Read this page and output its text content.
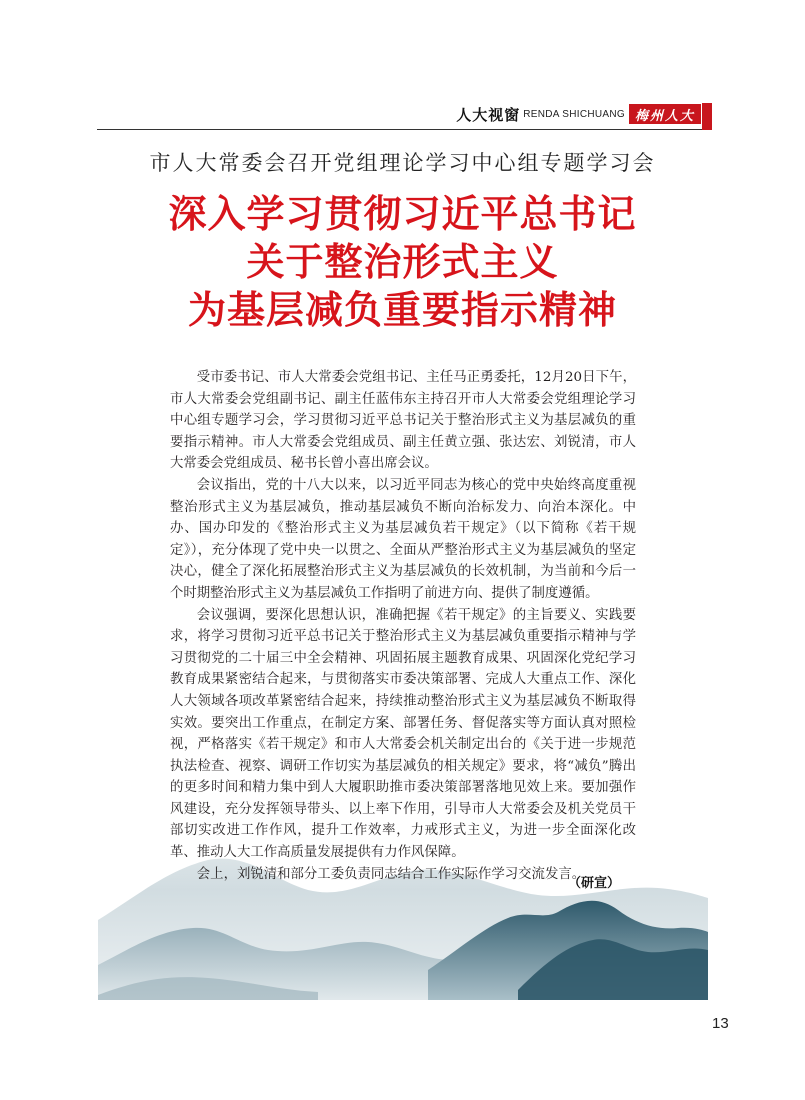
人大视窗 RENDA SHICHUANG 梅州人大
市人大常委会召开党组理论学习中心组专题学习会
深入学习贯彻习近平总书记
关于整治形式主义
为基层减负重要指示精神

受市委书记、市人大常委会党组书记、主任马正勇委托，12月20日下午，市人大常委会党组副书记、副主任蓝伟东主持召开市人大常委会党组理论学习中心组专题学习会，学习贯彻习近平总书记关于整治形式主义为基层减负的重要指示精神。市人大常委会党组成员、副主任黄立强、张达宏、刘锐清，市人大常委会党组成员、秘书长曾小喜出席会议。

会议指出，党的十八大以来，以习近平同志为核心的党中央始终高度重视整治形式主义为基层减负，推动基层减负不断向治标发力、向治本深化。中办、国办印发的《整治形式主义为基层减负若干规定》（以下简称《若干规定》），充分体现了党中央一以贯之、全面从严整治形式主义为基层减负的坚定决心，健全了深化拓展整治形式主义为基层减负的长效机制，为当前和今后一个时期整治形式主义为基层减负工作指明了前进方向、提供了制度遵循。

会议强调，要深化思想认识，准确把握《若干规定》的主旨要义、实践要求，将学习贯彻习近平总书记关于整治形式主义为基层减负重要指示精神与学习贯彻党的二十届三中全会精神、巩固拓展主题教育成果、巩固深化党纪学习教育成果紧密结合起来，与贯彻落实市委决策部署、完成人大重点工作、深化人大领域各项改革紧密结合起来，持续推动整治形式主义为基层减负不断取得实效。要突出工作重点，在制定方案、部署任务、督促落实等方面认真对照检视，严格落实《若干规定》和市人大常委会机关制定出台的《关于进一步规范执法检查、视察、调研工作切实为基层减负的相关规定》要求，将“减负”腾出的更多时间和精力集中到人大履职助推市委决策部署落地见效上来。要加强作风建设，充分发挥领导带头、以上率下作用，引导市人大常委会及机关党员干部切实改进工作作风，提升工作效率，力戒形式主义，为进一步全面深化改革、推动人大工作高质量发展提供有力作风保障。

会上，刘锐清和部分工委负责同志结合工作实际作学习交流发言。

（研宣）
13
